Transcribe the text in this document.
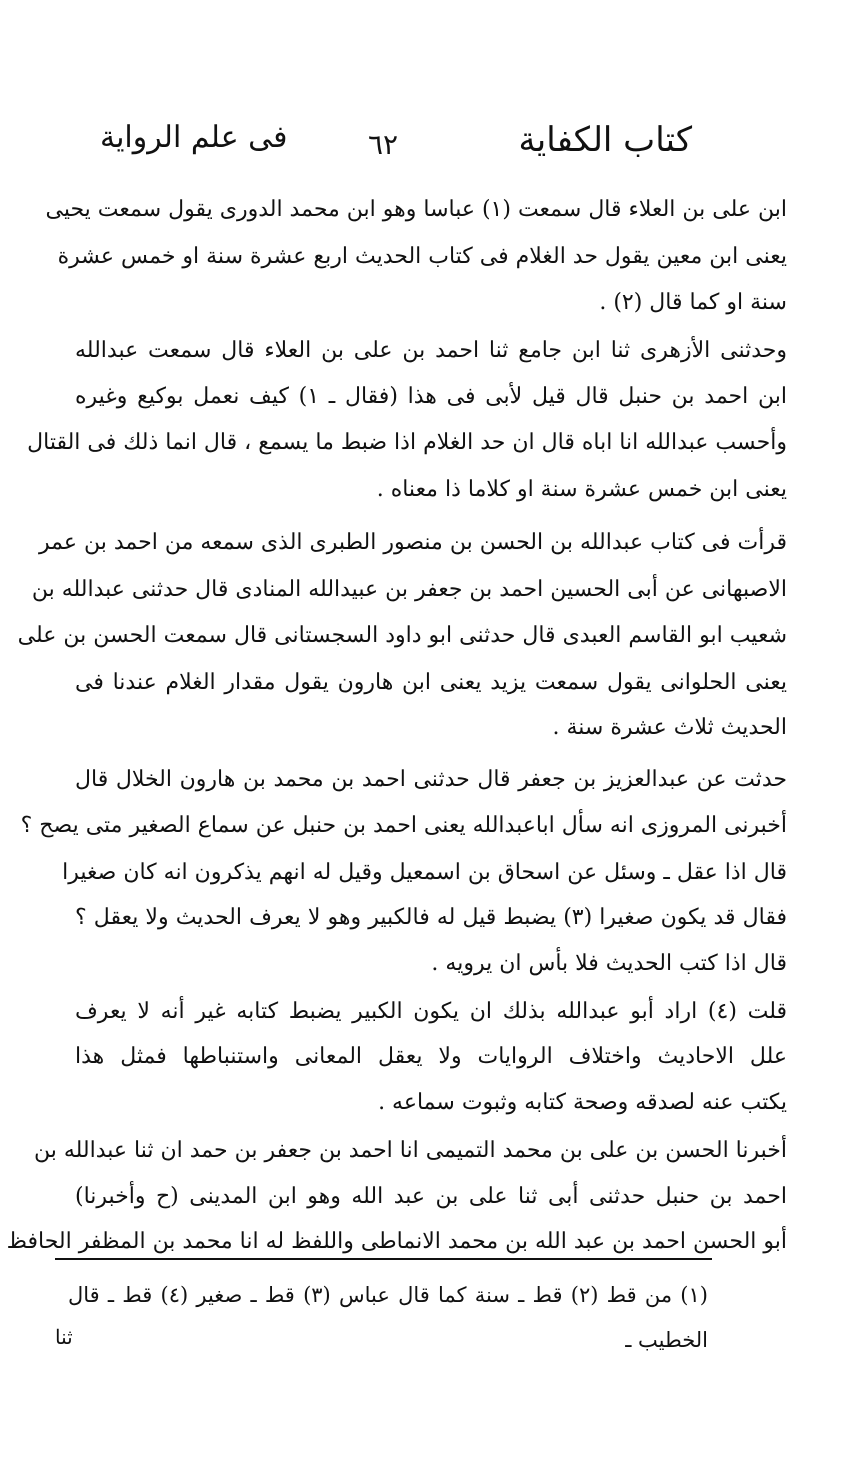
كتاب الكفاية
٦٢
فى علم الرواية
ابن على بن العلاء قال سمعت (١) عباسا وهو ابن محمد الدورى يقول سمعت يحيى
يعنى ابن معين يقول حد الغلام فى كتاب الحديث اربع عشرة سنة او خمس عشرة
سنة او كما قال (٢) .
وحدثنى الأزهرى ثنا ابن جامع ثنا احمد بن على بن العلاء قال سمعت عبدالله
ابن احمد بن حنبل قال قيل لأبى فى هذا (فقال ـ ١) كيف نعمل بوكيع وغيره
وأحسب عبدالله انا اباه قال ان حد الغلام اذا ضبط ما يسمع ، قال انما ذلك فى القتال
يعنى ابن خمس عشرة سنة او كلاما ذا معناه .
قرأت فى كتاب عبدالله بن الحسن بن منصور الطبرى الذى سمعه من احمد بن عمر
الاصبهانى عن أبى الحسين احمد بن جعفر بن عبيدالله المنادى قال حدثنى عبدالله بن
شعيب ابو القاسم العبدى قال حدثنى ابو داود السجستانى قال سمعت الحسن بن على
يعنى الحلوانى يقول سمعت يزيد يعنى ابن هارون يقول مقدار الغلام عندنا فى
الحديث ثلاث عشرة سنة .
حدثت عن عبدالعزيز بن جعفر قال حدثنى احمد بن محمد بن هارون الخلال قال
أخبرنى المروزى انه سأل اباعبدالله يعنى احمد بن حنبل عن سماع الصغير متى يصح ؟
قال اذا عقل ـ وسئل عن اسحاق بن اسمعيل وقيل له انهم يذكرون انه كان صغيرا
فقال قد يكون صغيرا (٣) يضبط قيل له فالكبير وهو لا يعرف الحديث ولا يعقل ؟
قال اذا كتب الحديث فلا بأس ان يرويه .
قلت (٤) اراد أبو عبدالله بذلك ان يكون الكبير يضبط كتابه غير أنه لا يعرف
علل الاحاديث واختلاف الروايات ولا يعقل المعانى واستنباطها فمثل هذا
يكتب عنه لصدقه وصحة كتابه وثبوت سماعه .
أخبرنا الحسن بن على بن محمد التميمى انا احمد بن جعفر بن حمد ان ثنا عبدالله بن
احمد بن حنبل حدثنى أبى ثنا على بن عبد الله وهو ابن المدينى (ح وأخبرنا)
أبو الحسن احمد بن عبد الله بن محمد الانماطى واللفظ له انا محمد بن المظفر الحافظ
(١) من قط (٢) قط ـ سنة كما قال عباس (٣) قط ـ صغير (٤) قط ـ قال
الخطيب ـ
ثنا
